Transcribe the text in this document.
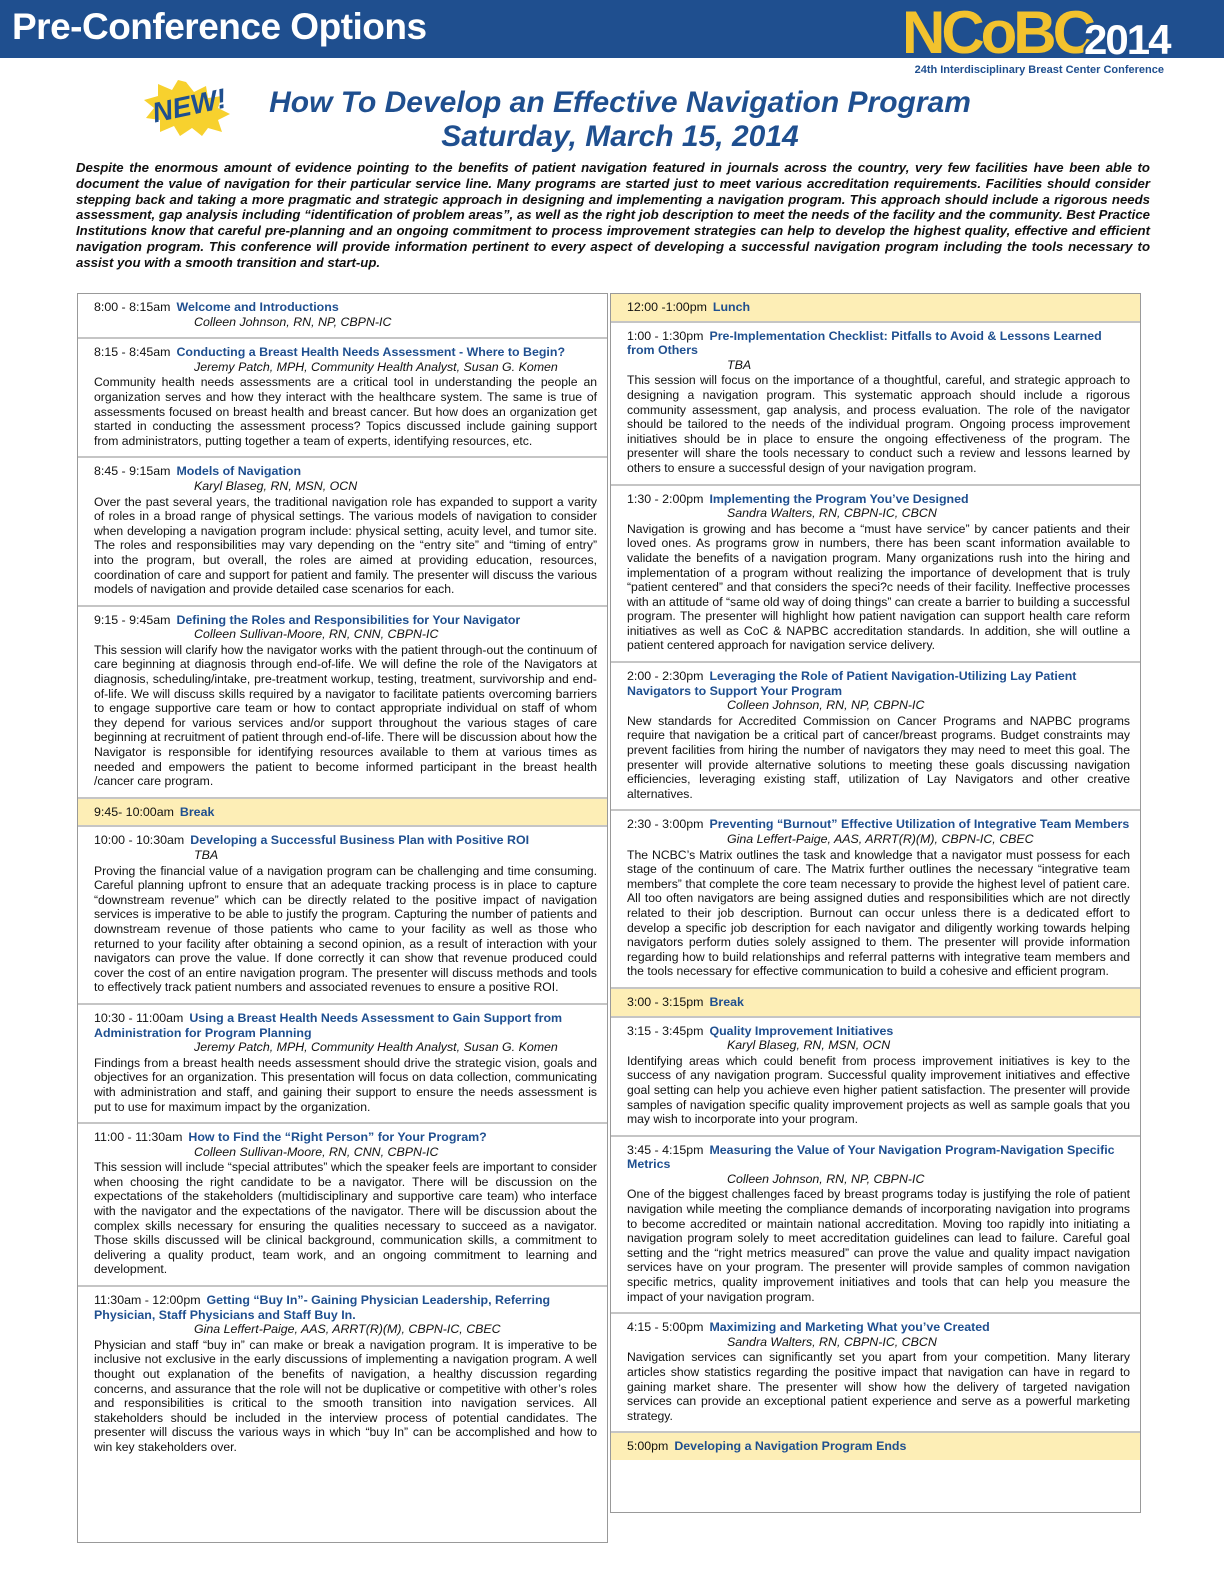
Pre-Conference Options	NCoBC
2014
24th Interdisciplinary Breast Center Conference
NEW!	How To Develop an Effective Navigation Program
Saturday, March 15, 2014
Despite the enormous amount of evidence pointing to the benefits of patient navigation featured in journals across the country, very few facilities have been able to document the value of navigation for their particular service line. Many programs are started just to meet various accreditation requirements. Facilities should consider stepping back and taking a more pragmatic and strategic approach in designing and implementing a navigation program. This approach should include a rigorous needs assessment, gap analysis including “identification of problem areas”, as well as the right job description to meet the needs of the facility and the community. Best Practice Institutions know that careful pre-planning and an ongoing commitment to process improvement strategies can help to develop the highest quality, effective and efficient navigation program. This conference will provide information pertinent to every aspect of developing a successful navigation program including the tools necessary to assist you with a smooth transition and start-up.
8:00 - 8:15am Welcome and Introductions
Colleen Johnson, RN, NP, CBPN-IC
8:15 - 8:45am Conducting a Breast Health Needs Assessment - Where to Begin?
Jeremy Patch, MPH, Community Health Analyst, Susan G. Komen
Community health needs assessments are a critical tool in understanding the people an organization serves and how they interact with the healthcare system. The same is true of assessments focused on breast health and breast cancer. But how does an organization get started in conducting the assessment process? Topics discussed include gaining support from administrators, putting together a team of experts, identifying resources, etc.
8:45 - 9:15am Models of Navigation
Karyl Blaseg, RN, MSN, OCN
Over the past several years, the traditional navigation role has expanded to support a varity of roles in a broad range of physical settings. The various models of navigation to consider when developing a navigation program include: physical setting, acuity level, and tumor site. The roles and responsibilities may vary depending on the “entry site” and “timing of entry” into the program, but overall, the roles are aimed at providing education, resources, coordination of care and support for patient and family. The presenter will discuss the various models of navigation and provide detailed case scenarios for each.
9:15 - 9:45am Defining the Roles and Responsibilities for Your Navigator
Colleen Sullivan-Moore, RN, CNN, CBPN-IC
This session will clarify how the navigator works with the patient through-out the continuum of care beginning at diagnosis through end-of-life. We will define the role of the Navigators at diagnosis, scheduling/intake, pre-treatment workup, testing, treatment, survivorship and end-of-life. We will discuss skills required by a navigator to facilitate patients overcoming barriers to engage supportive care team or how to contact appropriate individual on staff of whom they depend for various services and/or support throughout the various stages of care beginning at recruitment of patient through end-of-life. There will be discussion about how the Navigator is responsible for identifying resources available to them at various times as needed and empowers the patient to become informed participant in the breast health /cancer care program.
9:45- 10:00am Break
10:00 - 10:30am Developing a Successful Business Plan with Positive ROI
TBA
Proving the financial value of a navigation program can be challenging and time consuming. Careful planning upfront to ensure that an adequate tracking process is in place to capture “downstream revenue” which can be directly related to the positive impact of navigation services is imperative to be able to justify the program. Capturing the number of patients and downstream revenue of those patients who came to your facility as well as those who returned to your facility after obtaining a second opinion, as a result of interaction with your navigators can prove the value. If done correctly it can show that revenue produced could cover the cost of an entire navigation program. The presenter will discuss methods and tools to effectively track patient numbers and associated revenues to ensure a positive ROI.
10:30 - 11:00am Using a Breast Health Needs Assessment to Gain Support from Administration for Program Planning
Jeremy Patch, MPH, Community Health Analyst, Susan G. Komen
Findings from a breast health needs assessment should drive the strategic vision, goals and objectives for an organization. This presentation will focus on data collection, communicating with administration and staff, and gaining their support to ensure the needs assessment is put to use for maximum impact by the organization.
11:00 - 11:30am How to Find the “Right Person” for Your Program?
Colleen Sullivan-Moore, RN, CNN, CBPN-IC
This session will include “special attributes” which the speaker feels are important to consider when choosing the right candidate to be a navigator. There will be discussion on the expectations of the stakeholders (multidisciplinary and supportive care team) who interface with the navigator and the expectations of the navigator. There will be discussion about the complex skills necessary for ensuring the qualities necessary to succeed as a navigator. Those skills discussed will be clinical background, communication skills, a commitment to delivering a quality product, team work, and an ongoing commitment to learning and development.
11:30am - 12:00pm Getting “Buy In”- Gaining Physician Leadership, Referring Physician, Staff Physicians and Staff Buy In.
Gina Leffert-Paige, AAS, ARRT(R)(M), CBPN-IC, CBEC
Physician and staff “buy in” can make or break a navigation program. It is imperative to be inclusive not exclusive in the early discussions of implementing a navigation program. A well thought out explanation of the benefits of navigation, a healthy discussion regarding concerns, and assurance that the role will not be duplicative or competitive with other’s roles and responsibilities is critical to the smooth transition into navigation services. All stakeholders should be included in the interview process of potential candidates. The presenter will discuss the various ways in which “buy In” can be accomplished and how to win key stakeholders over.
12:00 -1:00pm Lunch
1:00 - 1:30pm Pre-Implementation Checklist: Pitfalls to Avoid & Lessons Learned from Others
TBA
This session will focus on the importance of a thoughtful, careful, and strategic approach to designing a navigation program. This systematic approach should include a rigorous community assessment, gap analysis, and process evaluation. The role of the navigator should be tailored to the needs of the individual program. Ongoing process improvement initiatives should be in place to ensure the ongoing effectiveness of the program. The presenter will share the tools necessary to conduct such a review and lessons learned by others to ensure a successful design of your navigation program.
1:30 - 2:00pm Implementing the Program You’ve Designed
Sandra Walters, RN, CBPN-IC, CBCN
Navigation is growing and has become a “must have service” by cancer patients and their loved ones. As programs grow in numbers, there has been scant information available to validate the benefits of a navigation program. Many organizations rush into the hiring and implementation of a program without realizing the importance of development that is truly “patient centered” and that considers the speci?c needs of their facility. Ineffective processes with an attitude of “same old way of doing things” can create a barrier to building a successful program. The presenter will highlight how patient navigation can support health care reform initiatives as well as CoC & NAPBC accreditation standards. In addition, she will outline a patient centered approach for navigation service delivery.
2:00 - 2:30pm Leveraging the Role of Patient Navigation-Utilizing Lay Patient Navigators to Support Your Program
Colleen Johnson, RN, NP, CBPN-IC
New standards for Accredited Commission on Cancer Programs and NAPBC programs require that navigation be a critical part of cancer/breast programs. Budget constraints may prevent facilities from hiring the number of navigators they may need to meet this goal. The presenter will provide alternative solutions to meeting these goals discussing navigation efficiencies, leveraging existing staff, utilization of Lay Navigators and other creative alternatives.
2:30 - 3:00pm Preventing “Burnout” Effective Utilization of Integrative Team Members
Gina Leffert-Paige, AAS, ARRT(R)(M), CBPN-IC, CBEC
The NCBC’s Matrix outlines the task and knowledge that a navigator must possess for each stage of the continuum of care. The Matrix further outlines the necessary “integrative team members” that complete the core team necessary to provide the highest level of patient care. All too often navigators are being assigned duties and responsibilities which are not directly related to their job description. Burnout can occur unless there is a dedicated effort to develop a specific job description for each navigator and diligently working towards helping navigators perform duties solely assigned to them. The presenter will provide information regarding how to build relationships and referral patterns with integrative team members and the tools necessary for effective communication to build a cohesive and efficient program.
3:00 - 3:15pm Break
3:15 - 3:45pm Quality Improvement Initiatives
Karyl Blaseg, RN, MSN, OCN
Identifying areas which could benefit from process improvement initiatives is key to the success of any navigation program. Successful quality improvement initiatives and effective goal setting can help you achieve even higher patient satisfaction. The presenter will provide samples of navigation specific quality improvement projects as well as sample goals that you may wish to incorporate into your program.
3:45 - 4:15pm Measuring the Value of Your Navigation Program-Navigation Specific Metrics
Colleen Johnson, RN, NP, CBPN-IC
One of the biggest challenges faced by breast programs today is justifying the role of patient navigation while meeting the compliance demands of incorporating navigation into programs to become accredited or maintain national accreditation. Moving too rapidly into initiating a navigation program solely to meet accreditation guidelines can lead to failure. Careful goal setting and the “right metrics measured” can prove the value and quality impact navigation services have on your program. The presenter will provide samples of common navigation specific metrics, quality improvement initiatives and tools that can help you measure the impact of your navigation program.
4:15 - 5:00pm Maximizing and Marketing What you’ve Created
Sandra Walters, RN, CBPN-IC, CBCN
Navigation services can significantly set you apart from your competition. Many literary articles show statistics regarding the positive impact that navigation can have in regard to gaining market share. The presenter will show how the delivery of targeted navigation services can provide an exceptional patient experience and serve as a powerful marketing strategy.
5:00pm Developing a Navigation Program Ends
